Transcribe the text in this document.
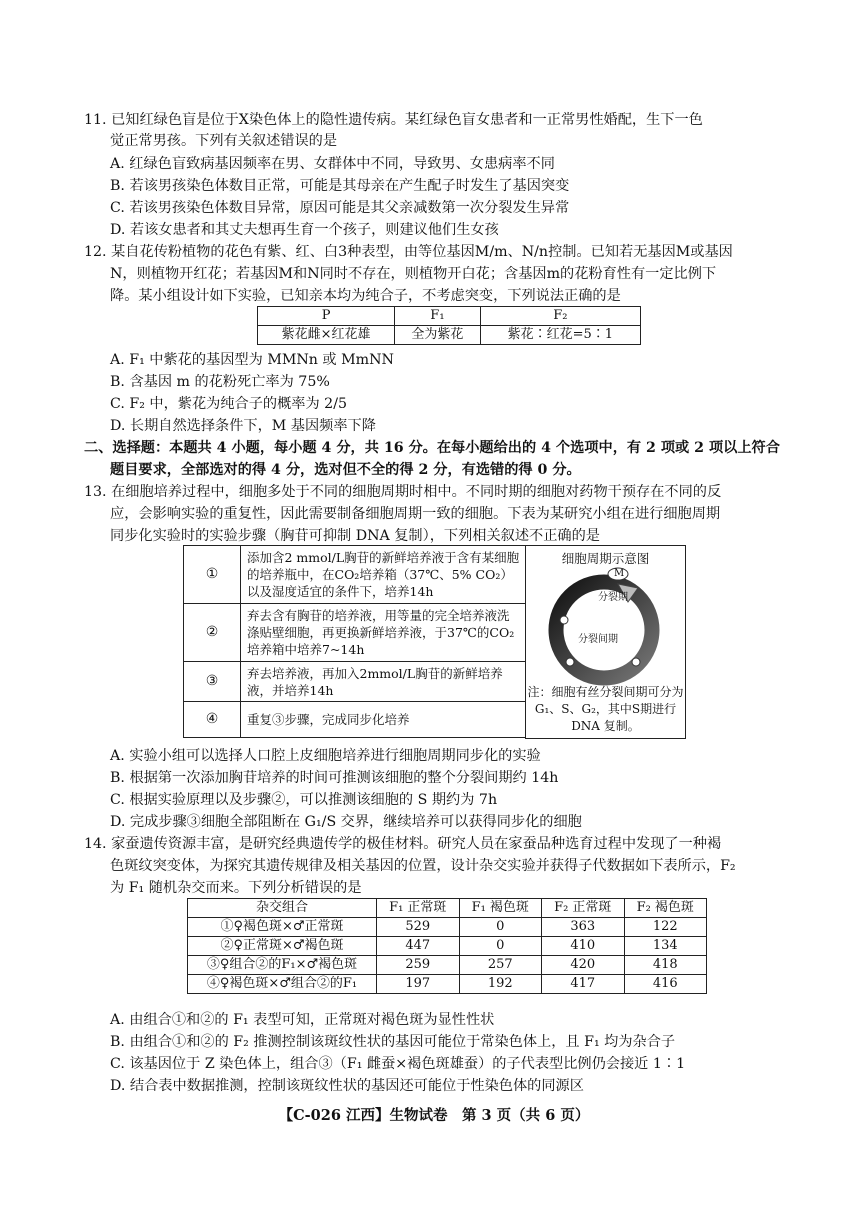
11. 已知红绿色盲是位于X染色体上的隐性遗传病。某红绿色盲女患者和一正常男性婚配，生下一色
觉正常男孩。下列有关叙述错误的是
A. 红绿色盲致病基因频率在男、女群体中不同，导致男、女患病率不同
B. 若该男孩染色体数目正常，可能是其母亲在产生配子时发生了基因突变
C. 若该男孩染色体数目异常，原因可能是其父亲减数第一次分裂发生异常
D. 若该女患者和其丈夫想再生育一个孩子，则建议他们生女孩
12. 某自花传粉植物的花色有紫、红、白3种表型，由等位基因M/m、N/n控制。已知若无基因M或基因
N，则植物开红花；若基因M和N同时不存在，则植物开白花；含基因m的花粉育性有一定比例下
降。某小组设计如下实验，已知亲本均为纯合子，不考虑突变，下列说法正确的是
P	F₁	F₂
紫花雌×红花雄	全为紫花	紫花∶红花=5∶1
A. F₁ 中紫花的基因型为 MMNn 或 MmNN
B. 含基因 m 的花粉死亡率为 75%
C. F₂ 中，紫花为纯合子的概率为 2/5
D. 长期自然选择条件下，M 基因频率下降
二、选择题：本题共 4 小题，每小题 4 分，共 16 分。在每小题给出的 4 个选项中，有 2 项或 2 项以上符合
题目要求，全部选对的得 4 分，选对但不全的得 2 分，有选错的得 0 分。
13. 在细胞培养过程中，细胞多处于不同的细胞周期时相中。不同时期的细胞对药物干预存在不同的反
应，会影响实验的重复性，因此需要制备细胞周期一致的细胞。下表为某研究小组在进行细胞周期
同步化实验时的实验步骤（胸苷可抑制 DNA 复制），下列相关叙述不正确的是
①	添加含2 mmol/L胸苷的新鲜培养液于含有某细胞的培养瓶中，在CO₂培养箱（37℃、5% CO₂）以及湿度适宜的条件下，培养14h
②	弃去含有胸苷的培养液，用等量的完全培养液洗涤贴壁细胞，再更换新鲜培养液，于37℃的CO₂培养箱中培养7~14h
③	弃去培养液，再加入2mmol/L胸苷的新鲜培养液，并培养14h
④	重复③步骤，完成同步化培养
细胞周期示意图
M
分裂期
分裂间期
注：细胞有丝分裂间期可分为
G₁、S、G₂，其中S期进行
DNA 复制。
A. 实验小组可以选择人口腔上皮细胞培养进行细胞周期同步化的实验
B. 根据第一次添加胸苷培养的时间可推测该细胞的整个分裂间期约 14h
C. 根据实验原理以及步骤②，可以推测该细胞的 S 期约为 7h
D. 完成步骤③细胞全部阻断在 G₁/S 交界，继续培养可以获得同步化的细胞
14. 家蚕遗传资源丰富，是研究经典遗传学的极佳材料。研究人员在家蚕品种选育过程中发现了一种褐
色斑纹突变体，为探究其遗传规律及相关基因的位置，设计杂交实验并获得子代数据如下表所示，F₂
为 F₁ 随机杂交而来。下列分析错误的是
杂交组合	F₁ 正常斑	F₁ 褐色斑	F₂ 正常斑	F₂ 褐色斑
①♀褐色斑×♂正常斑	529	0	363	122
②♀正常斑×♂褐色斑	447	0	410	134
③♀组合②的F₁×♂褐色斑	259	257	420	418
④♀褐色斑×♂组合②的F₁	197	192	417	416
A. 由组合①和②的 F₁ 表型可知，正常斑对褐色斑为显性性状
B. 由组合①和②的 F₂ 推测控制该斑纹性状的基因可能位于常染色体上，且 F₁ 均为杂合子
C. 该基因位于 Z 染色体上，组合③（F₁ 雌蚕×褐色斑雄蚕）的子代表型比例仍会接近 1∶1
D. 结合表中数据推测，控制该斑纹性状的基因还可能位于性染色体的同源区
【C-026 江西】生物试卷　第 3 页（共 6 页）
